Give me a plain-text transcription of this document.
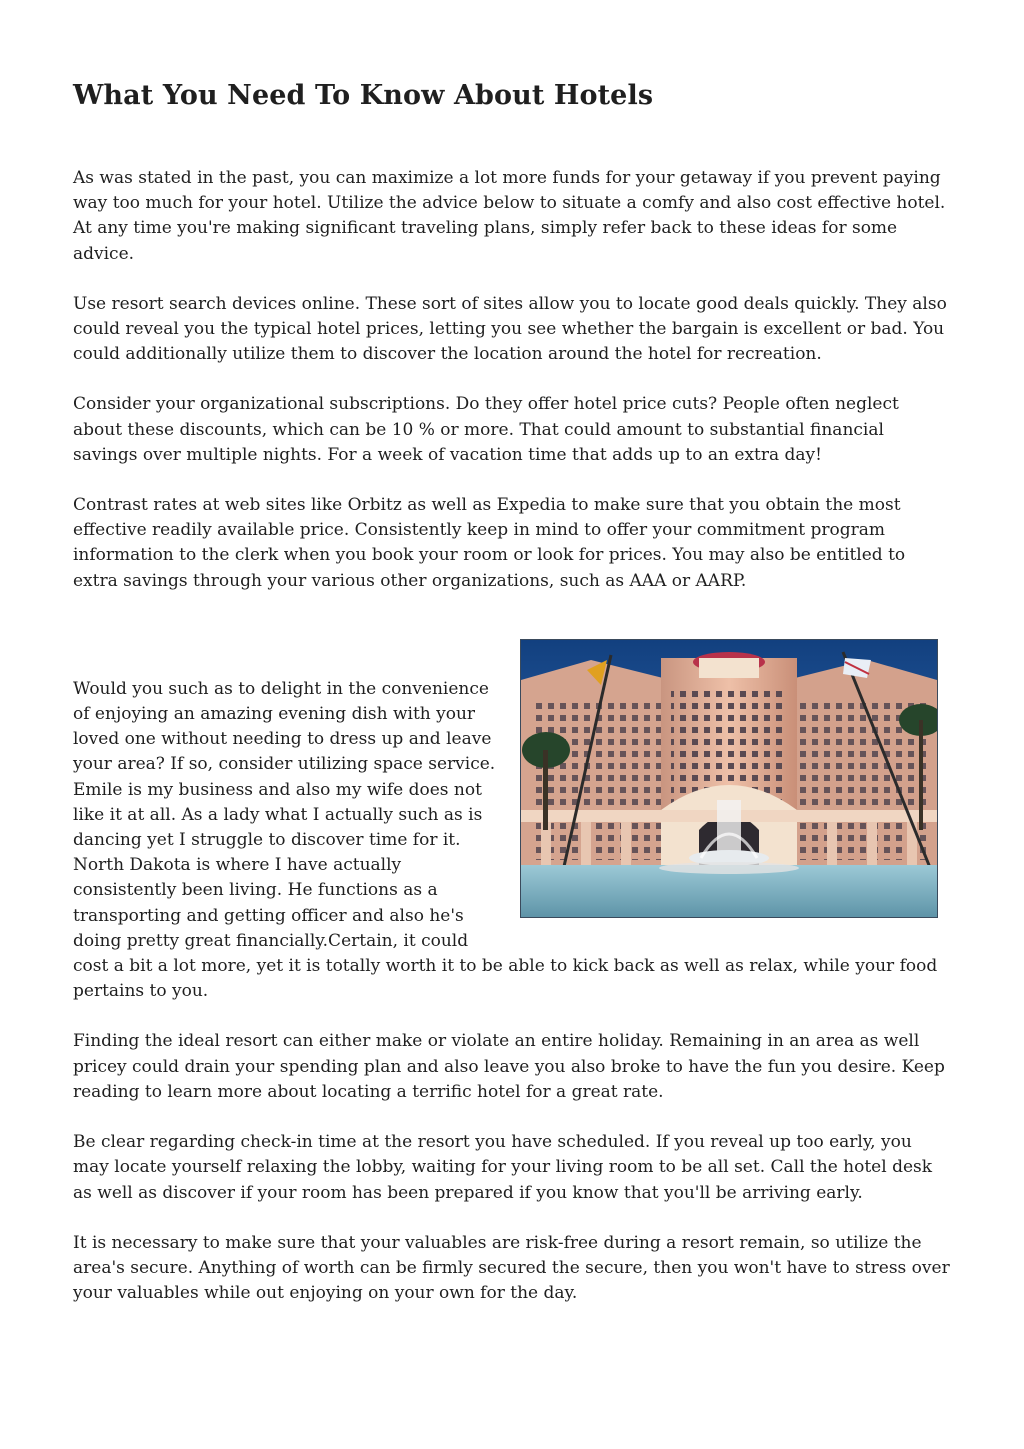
What You Need To Know About Hotels

As was stated in the past, you can maximize a lot more funds for your getaway if you prevent paying way too much for your hotel. Utilize the advice below to situate a comfy and also cost effective hotel. At any time you're making significant traveling plans, simply refer back to these ideas for some advice.

Use resort search devices online. These sort of sites allow you to locate good deals quickly. They also could reveal you the typical hotel prices, letting you see whether the bargain is excellent or bad. You could additionally utilize them to discover the location around the hotel for recreation.

Consider your organizational subscriptions. Do they offer hotel price cuts? People often neglect about these discounts, which can be 10 % or more. That could amount to substantial financial savings over multiple nights. For a week of vacation time that adds up to an extra day!

Contrast rates at web sites like Orbitz as well as Expedia to make sure that you obtain the most effective readily available price. Consistently keep in mind to offer your commitment program information to the clerk when you book your room or look for prices. You may also be entitled to extra savings through your various other organizations, such as AAA or AARP.

Would you such as to delight in the convenience of enjoying an amazing evening dish with your loved one without needing to dress up and leave your area? If so, consider utilizing space service. Emile is my business and also my wife does not like it at all. As a lady what I actually such as is dancing yet I struggle to discover time for it. North Dakota is where I have actually consistently been living. He functions as a transporting and getting officer and also he's doing pretty great financially.Certain, it could cost a bit a lot more, yet it is totally worth it to be able to kick back as well as relax, while your food pertains to you.

Finding the ideal resort can either make or violate an entire holiday. Remaining in an area as well pricey could drain your spending plan and also leave you also broke to have the fun you desire. Keep reading to learn more about locating a terrific hotel for a great rate.

Be clear regarding check-in time at the resort you have scheduled. If you reveal up too early, you may locate yourself relaxing the lobby, waiting for your living room to be all set. Call the hotel desk as well as discover if your room has been prepared if you know that you'll be arriving early.

It is necessary to make sure that your valuables are risk-free during a resort remain, so utilize the area's secure. Anything of worth can be firmly secured the secure, then you won't have to stress over your valuables while out enjoying on your own for the day.
